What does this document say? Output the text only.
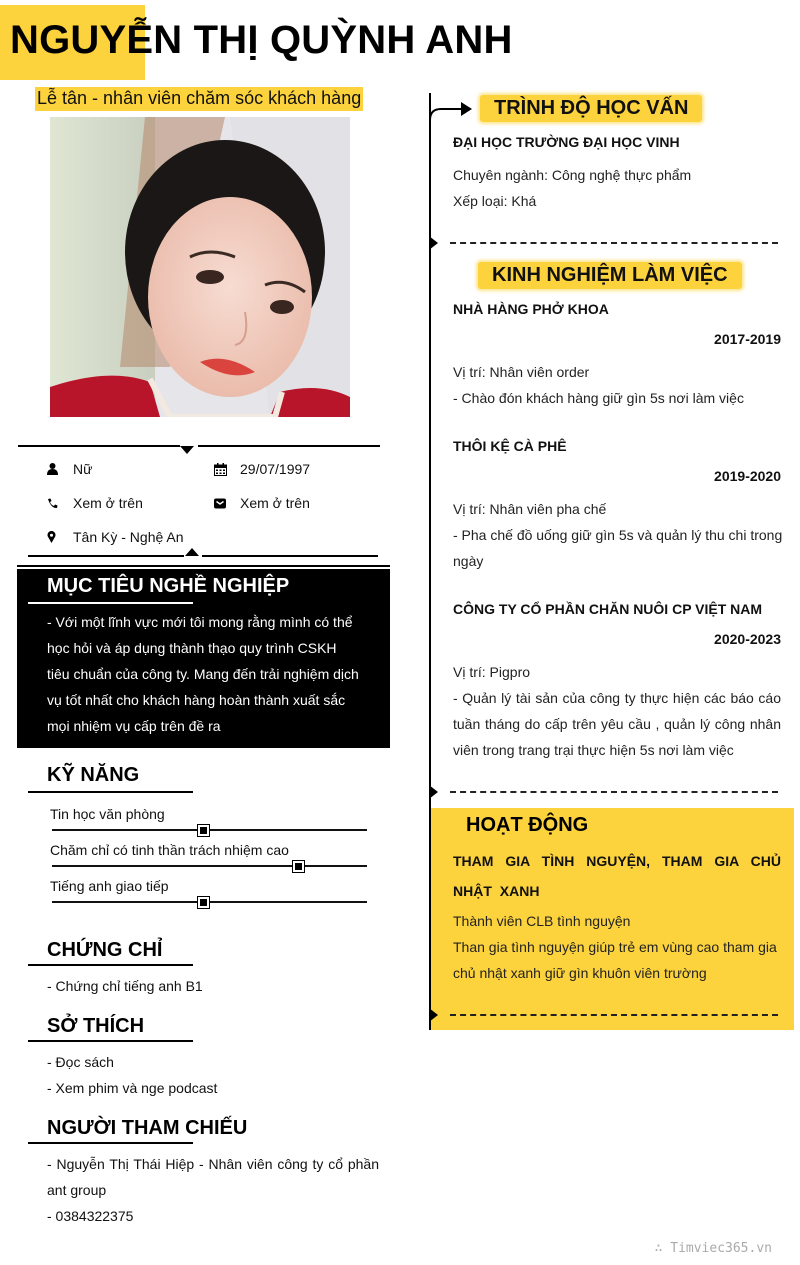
NGUYỄN THỊ QUỲNH ANH
Lễ tân - nhân viên chăm sóc khách hàng
Nữ	29/07/1997
Xem ở trên	Xem ở trên
Tân Kỳ - Nghệ An
MỤC TIÊU NGHỀ NGHIỆP

- Với một lĩnh vực mới tôi mong rằng mình có thể học hỏi và áp dụng thành thạo quy trình CSKH tiêu chuẩn của công ty. Mang đến trải nghiệm dịch vụ tốt nhất cho khách hàng hoàn thành xuất sắc mọi nhiệm vụ cấp trên đề ra

KỸ NĂNG
Tin học văn phòng
Chăm chỉ có tinh thần trách nhiệm cao
Tiếng anh giao tiếp
CHỨNG CHỈ
- Chứng chỉ tiếng anh B1
SỞ THÍCH
- Đọc sách
- Xem phim và nge podcast
NGƯỜI THAM CHIẾU
- Nguyễn Thị Thái Hiệp - Nhân viên công ty cổ phần ant group
- 0384322375
TRÌNH ĐỘ HỌC VẤN
ĐẠI HỌC TRƯỜNG ĐẠI HỌC VINH
Chuyên ngành: Công nghệ thực phẩm
Xếp loại: Khá
KINH NGHIỆM LÀM VIỆC
NHÀ HÀNG PHỞ KHOA
2017-2019
Vị trí: Nhân viên order
- Chào đón khách hàng giữ gìn 5s nơi làm việc
THÔI KỆ CÀ PHÊ
2019-2020
Vị trí: Nhân viên pha chế
- Pha chế đồ uống giữ gìn 5s và quản lý thu chi trong ngày
CÔNG TY CỔ PHẦN CHĂN NUÔI CP VIỆT NAM
2020-2023
Vị trí: Pigpro
- Quản lý tài sản của công ty thực hiện các báo cáo tuần tháng do cấp trên yêu cầu , quản lý công nhân viên trong trang trại thực hiện 5s nơi làm việc
HOẠT ĐỘNG
THAM GIA TÌNH NGUYỆN, THAM GIA CHỦ NHẬT XANH
Thành viên CLB tình nguyện
Than gia tình nguyện giúp trẻ em vùng cao tham gia chủ nhật xanh giữ gìn khuôn viên trường
∴ Timviec365.vn
